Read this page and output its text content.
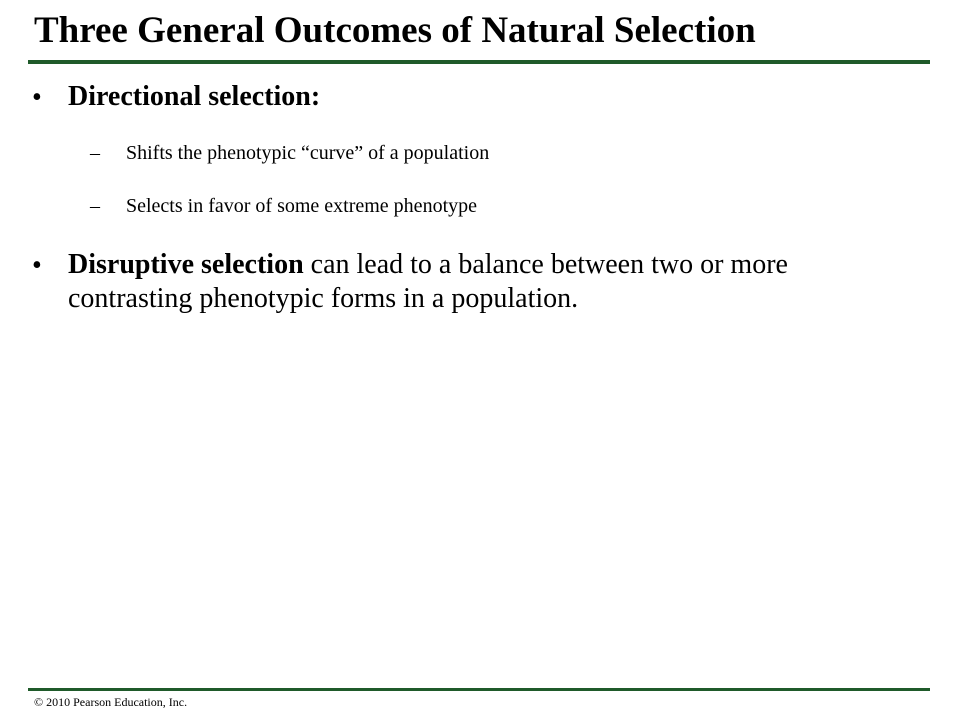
Three General Outcomes of Natural Selection
• Directional selection:
– Shifts the phenotypic “curve” of a population
– Selects in favor of some extreme phenotype
• Disruptive selection can lead to a balance between two or more contrasting phenotypic forms in a population.
© 2010 Pearson Education, Inc.
